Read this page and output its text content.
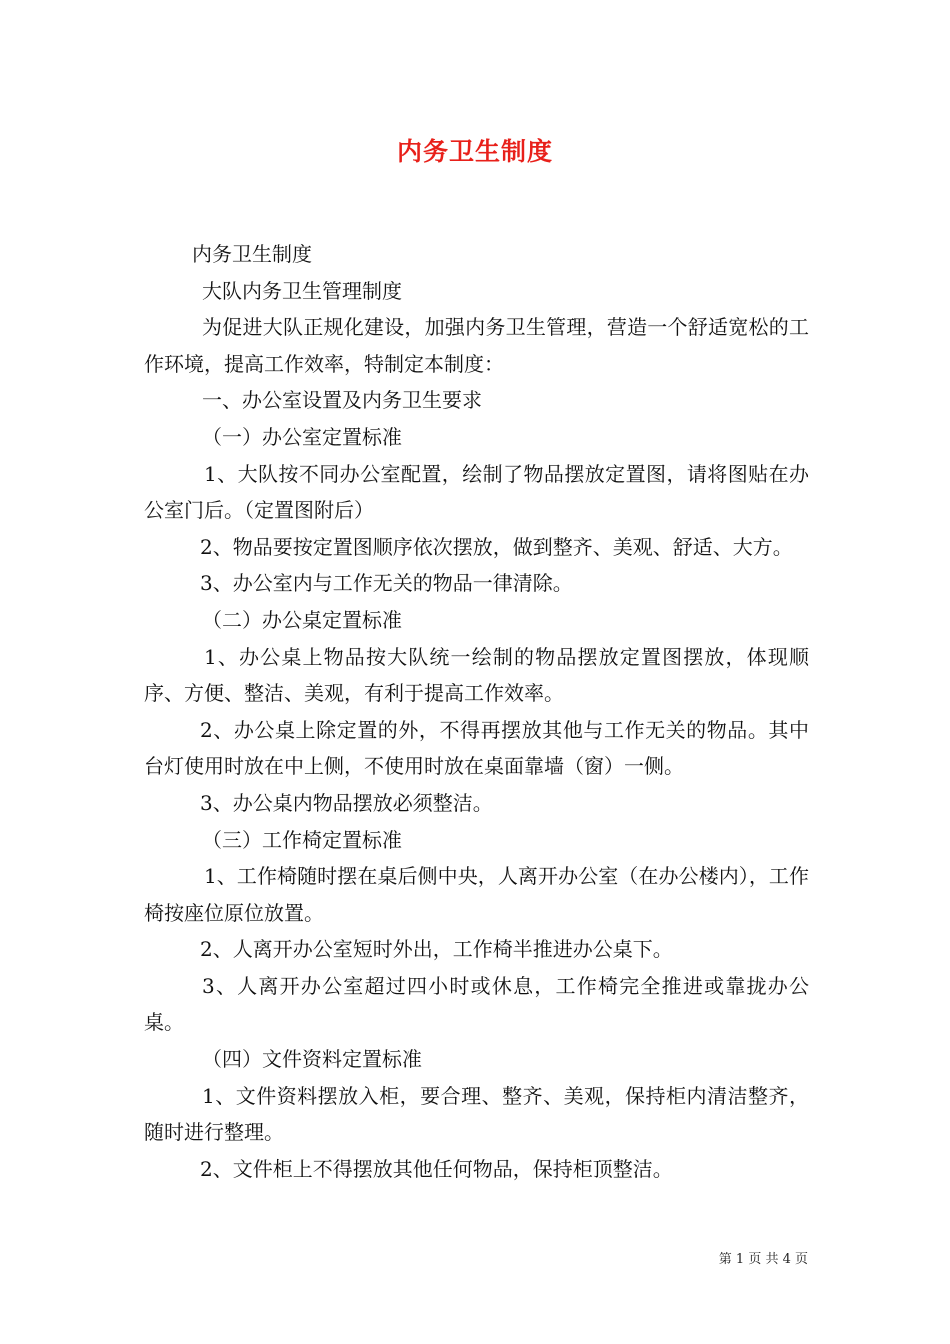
内务卫生制度

内务卫生制度

大队内务卫生管理制度

为促进大队正规化建设，加强内务卫生管理，营造一个舒适宽松的工作环境，提高工作效率，特制定本制度：

一、办公室设置及内务卫生要求

（一）办公室定置标准

1、大队按不同办公室配置，绘制了物品摆放定置图，请将图贴在办公室门后。（定置图附后）

2、物品要按定置图顺序依次摆放，做到整齐、美观、舒适、大方。

3、办公室内与工作无关的物品一律清除。

（二）办公桌定置标准

1、办公桌上物品按大队统一绘制的物品摆放定置图摆放，体现顺序、方便、整洁、美观，有利于提高工作效率。

2、办公桌上除定置的外，不得再摆放其他与工作无关的物品。其中台灯使用时放在中上侧，不使用时放在桌面靠墙（窗）一侧。

3、办公桌内物品摆放必须整洁。

（三）工作椅定置标准

1、工作椅随时摆在桌后侧中央，人离开办公室（在办公楼内），工作椅按座位原位放置。

2、人离开办公室短时外出，工作椅半推进办公桌下。

3、人离开办公室超过四小时或休息，工作椅完全推进或靠拢办公桌。

（四）文件资料定置标准

1、文件资料摆放入柜，要合理、整齐、美观，保持柜内清洁整齐，随时进行整理。

2、文件柜上不得摆放其他任何物品，保持柜顶整洁。

第 1 页 共 4 页
